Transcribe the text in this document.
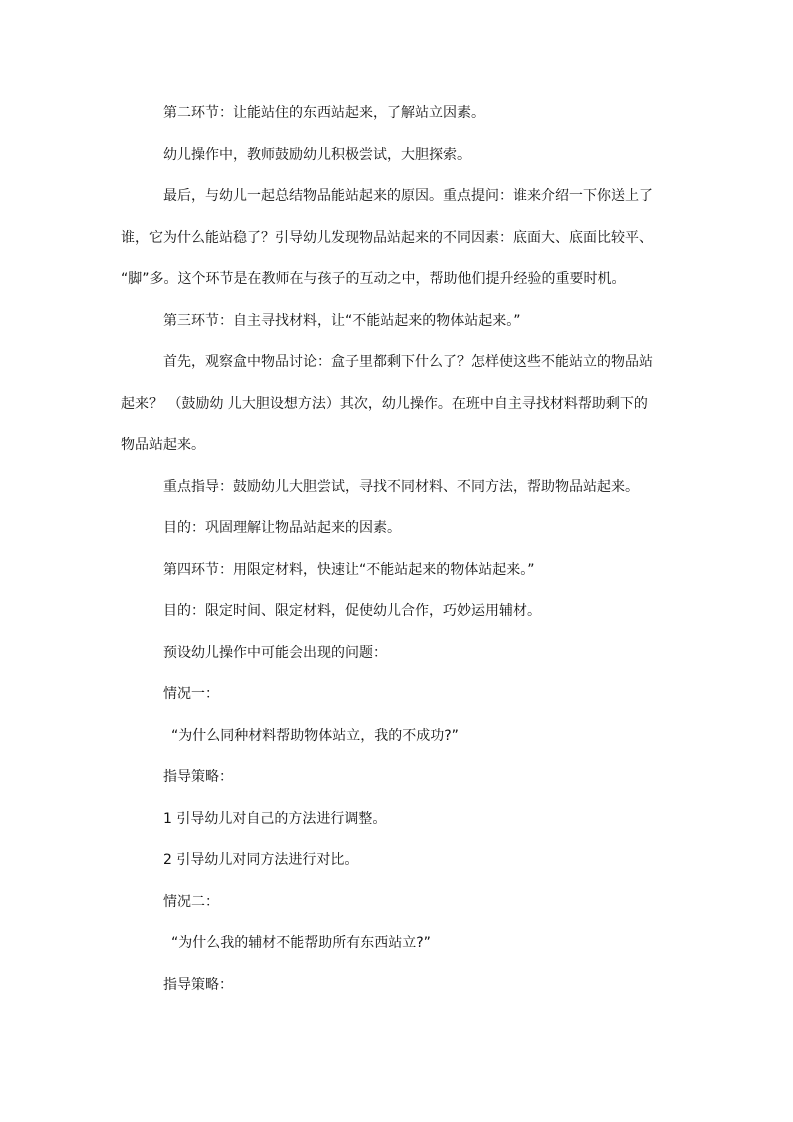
第二环节：让能站住的东西站起来，了解站立因素。
幼儿操作中，教师鼓励幼儿积极尝试，大胆探索。
最后，与幼儿一起总结物品能站起来的原因。重点提问：谁来介绍一下你送上了
谁，它为什么能站稳了？引导幼儿发现物品站起来的不同因素：底面大、底面比较平、
“脚”多。这个环节是在教师在与孩子的互动之中，帮助他们提升经验的重要时机。
第三环节：自主寻找材料，让“不能站起来的物体站起来。”
首先，观察盒中物品讨论：盒子里都剩下什么了？怎样使这些不能站立的物品站
起来？ （鼓励幼 儿大胆设想方法）其次，幼儿操作。在班中自主寻找材料帮助剩下的
物品站起来。
重点指导：鼓励幼儿大胆尝试，寻找不同材料、不同方法，帮助物品站起来。
目的：巩固理解让物品站起来的因素。
第四环节：用限定材料，快速让“不能站起来的物体站起来。”
目的：限定时间、限定材料，促使幼儿合作，巧妙运用辅材。
预设幼儿操作中可能会出现的问题：
情况一：
“为什么同种材料帮助物体站立，我的不成功?”
指导策略：
1 引导幼儿对自己的方法进行调整。
2 引导幼儿对同方法进行对比。
情况二：
“为什么我的辅材不能帮助所有东西站立?”
指导策略：
